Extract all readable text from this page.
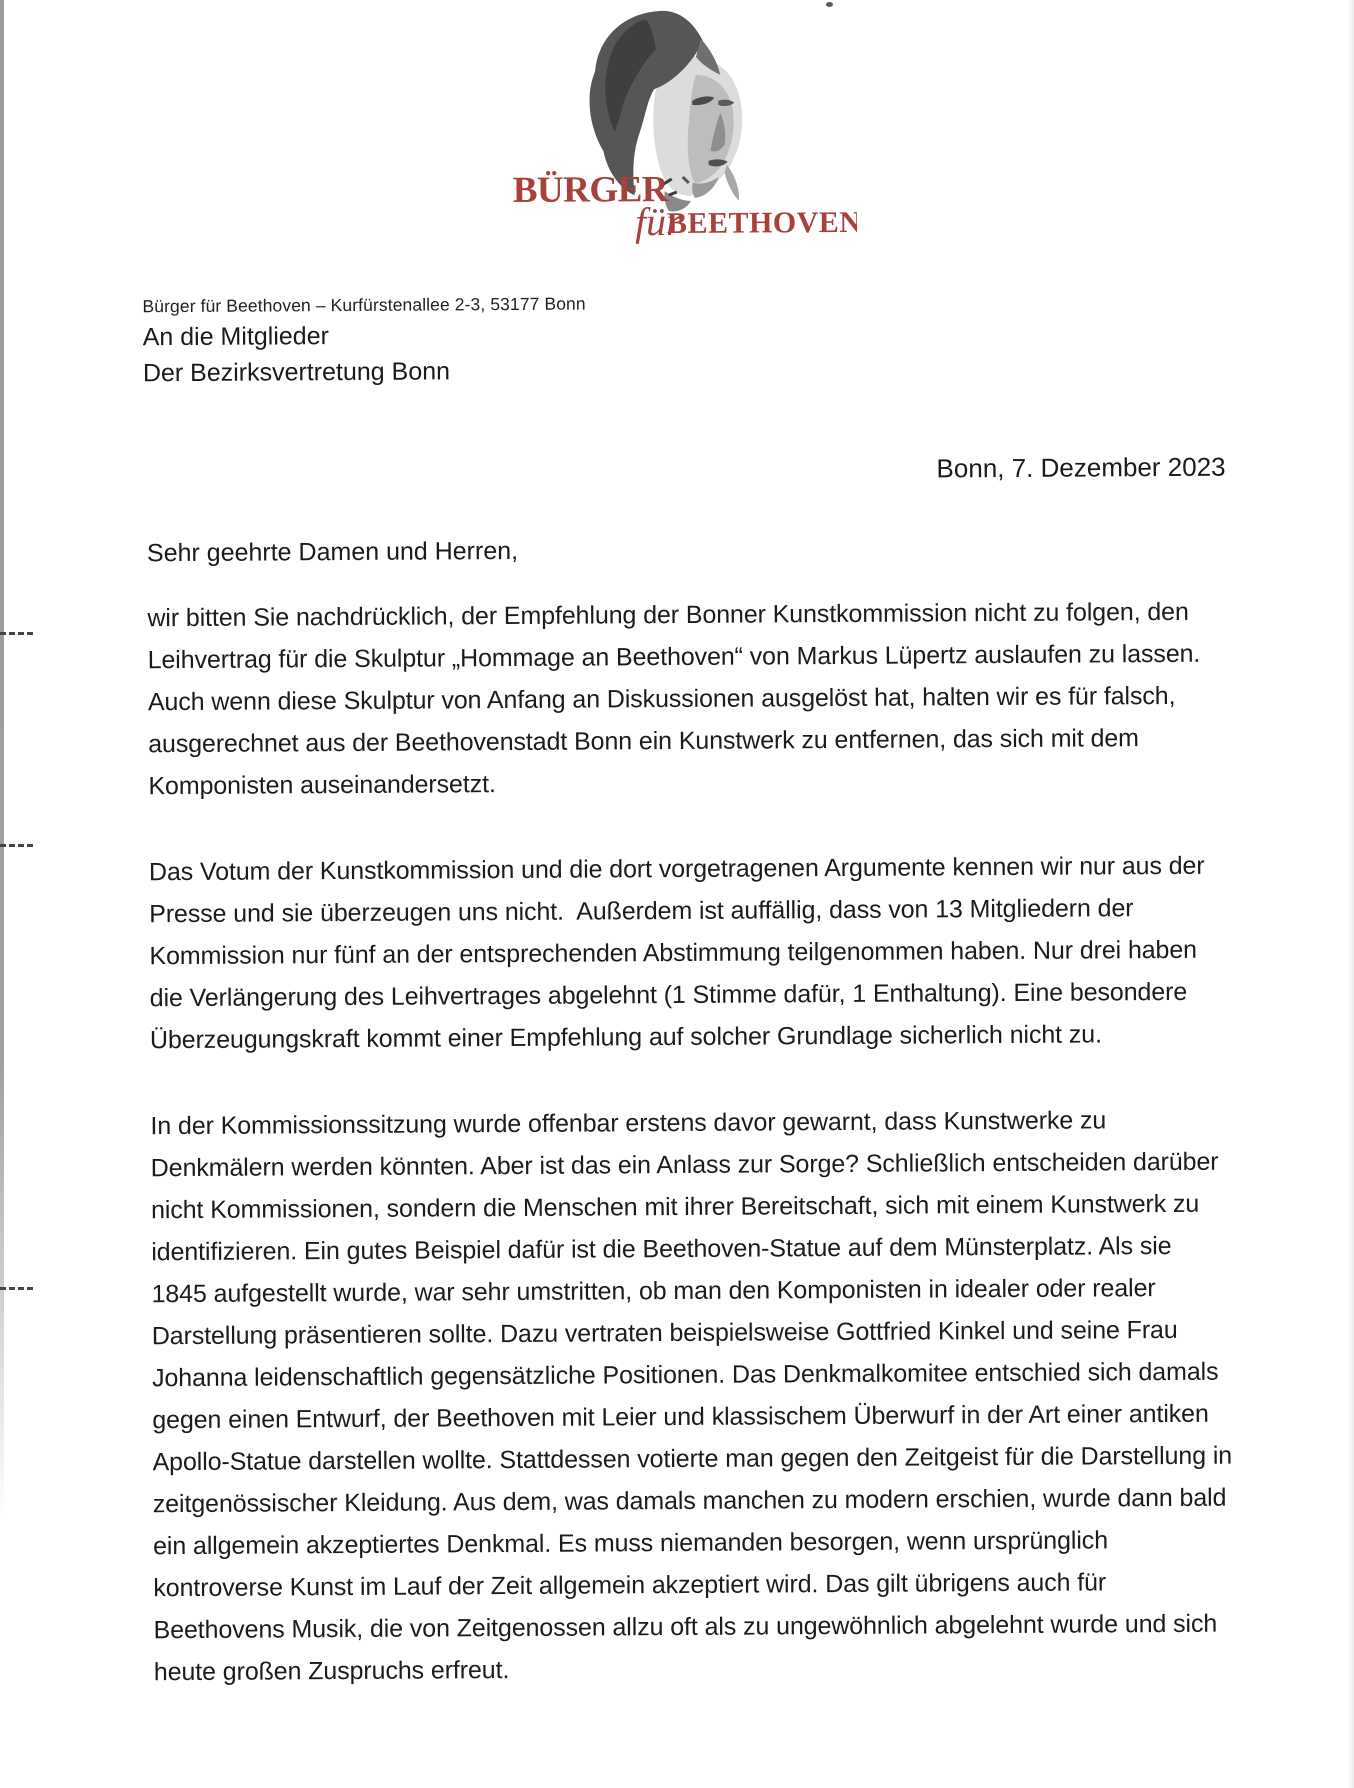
BÜRGER
für
BEETHOVEN
Bürger für Beethoven – Kurfürstenallee 2-3, 53177 Bonn
An die Mitglieder
Der Bezirksvertretung Bonn
Bonn, 7. Dezember 2023
Sehr geehrte Damen und Herren,

wir bitten Sie nachdrücklich, der Empfehlung der Bonner Kunstkommission nicht zu folgen, den Leihvertrag für die Skulptur „Hommage an Beethoven“ von Markus Lüpertz auslaufen zu lassen. Auch wenn diese Skulptur von Anfang an Diskussionen ausgelöst hat, halten wir es für falsch, ausgerechnet aus der Beethovenstadt Bonn ein Kunstwerk zu entfernen, das sich mit dem Komponisten auseinandersetzt.

Das Votum der Kunstkommission und die dort vorgetragenen Argumente kennen wir nur aus der Presse und sie überzeugen uns nicht.  Außerdem ist auffällig, dass von 13 Mitgliedern der Kommission nur fünf an der entsprechenden Abstimmung teilgenommen haben. Nur drei haben die Verlängerung des Leihvertrages abgelehnt (1 Stimme dafür, 1 Enthaltung). Eine besondere Überzeugungskraft kommt einer Empfehlung auf solcher Grundlage sicherlich nicht zu.

In der Kommissionssitzung wurde offenbar erstens davor gewarnt, dass Kunstwerke zu Denkmälern werden könnten. Aber ist das ein Anlass zur Sorge? Schließlich entscheiden darüber nicht Kommissionen, sondern die Menschen mit ihrer Bereitschaft, sich mit einem Kunstwerk zu identifizieren. Ein gutes Beispiel dafür ist die Beethoven-Statue auf dem Münsterplatz. Als sie 1845 aufgestellt wurde, war sehr umstritten, ob man den Komponisten in idealer oder realer Darstellung präsentieren sollte. Dazu vertraten beispielsweise Gottfried Kinkel und seine Frau Johanna leidenschaftlich gegensätzliche Positionen. Das Denkmalkomitee entschied sich damals gegen einen Entwurf, der Beethoven mit Leier und klassischem Überwurf in der Art einer antiken Apollo-Statue darstellen wollte. Stattdessen votierte man gegen den Zeitgeist für die Darstellung in zeitgenössischer Kleidung. Aus dem, was damals manchen zu modern erschien, wurde dann bald ein allgemein akzeptiertes Denkmal. Es muss niemanden besorgen, wenn ursprünglich kontroverse Kunst im Lauf der Zeit allgemein akzeptiert wird. Das gilt übrigens auch für Beethovens Musik, die von Zeitgenossen allzu oft als zu ungewöhnlich abgelehnt wurde und sich heute großen Zuspruchs erfreut.
